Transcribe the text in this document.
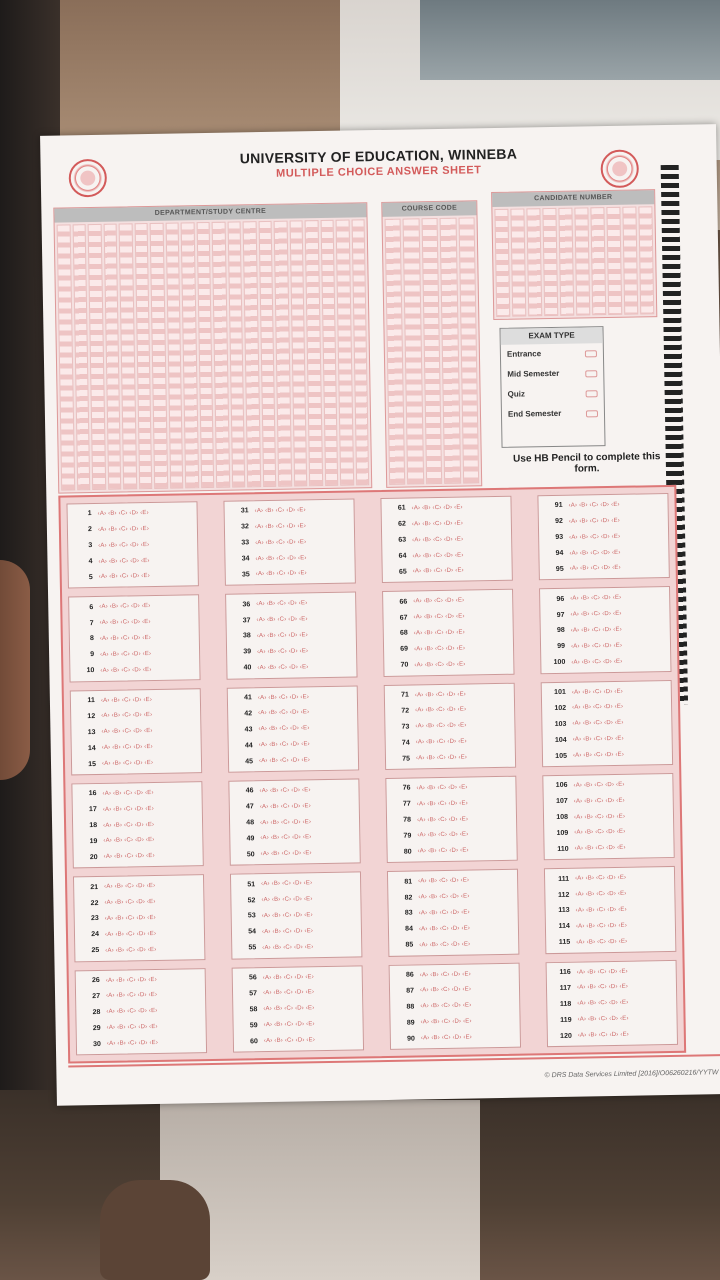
UNIVERSITY OF EDUCATION, WINNEBA
MULTIPLE CHOICE ANSWER SHEET
DEPARTMENT/STUDY CENTRE	COURSE CODE
CANDIDATE NUMBER
EXAM TYPE
Entrance
Mid Semester
Quiz
End Semester
Use HB Pencil to complete this form.
1 ‹A› ‹B› ‹C› ‹D› ‹E›
2 ‹A› ‹B› ‹C› ‹D› ‹E›
3 ‹A› ‹B› ‹C› ‹D› ‹E›
4 ‹A› ‹B› ‹C› ‹D› ‹E›
5 ‹A› ‹B› ‹C› ‹D› ‹E›
6 ‹A› ‹B› ‹C› ‹D› ‹E›
7 ‹A› ‹B› ‹C› ‹D› ‹E›
8 ‹A› ‹B› ‹C› ‹D› ‹E›
9 ‹A› ‹B› ‹C› ‹D› ‹E›
10 ‹A› ‹B› ‹C› ‹D› ‹E›
11 ‹A› ‹B› ‹C› ‹D› ‹E›
12 ‹A› ‹B› ‹C› ‹D› ‹E›
13 ‹A› ‹B› ‹C› ‹D› ‹E›
14 ‹A› ‹B› ‹C› ‹D› ‹E›
15 ‹A› ‹B› ‹C› ‹D› ‹E›
16 ‹A› ‹B› ‹C› ‹D› ‹E›
17 ‹A› ‹B› ‹C› ‹D› ‹E›
18 ‹A› ‹B› ‹C› ‹D› ‹E›
19 ‹A› ‹B› ‹C› ‹D› ‹E›
20 ‹A› ‹B› ‹C› ‹D› ‹E›
21 ‹A› ‹B› ‹C› ‹D› ‹E›
22 ‹A› ‹B› ‹C› ‹D› ‹E›
23 ‹A› ‹B› ‹C› ‹D› ‹E›
24 ‹A› ‹B› ‹C› ‹D› ‹E›
25 ‹A› ‹B› ‹C› ‹D› ‹E›
26 ‹A› ‹B› ‹C› ‹D› ‹E›
27 ‹A› ‹B› ‹C› ‹D› ‹E›
28 ‹A› ‹B› ‹C› ‹D› ‹E›
29 ‹A› ‹B› ‹C› ‹D› ‹E›
30 ‹A› ‹B› ‹C› ‹D› ‹E›
31 ‹A› ‹B› ‹C› ‹D› ‹E›
32 ‹A› ‹B› ‹C› ‹D› ‹E›
33 ‹A› ‹B› ‹C› ‹D› ‹E›
34 ‹A› ‹B› ‹C› ‹D› ‹E›
35 ‹A› ‹B› ‹C› ‹D› ‹E›
36 ‹A› ‹B› ‹C› ‹D› ‹E›
37 ‹A› ‹B› ‹C› ‹D› ‹E›
38 ‹A› ‹B› ‹C› ‹D› ‹E›
39 ‹A› ‹B› ‹C› ‹D› ‹E›
40 ‹A› ‹B› ‹C› ‹D› ‹E›
41 ‹A› ‹B› ‹C› ‹D› ‹E›
42 ‹A› ‹B› ‹C› ‹D› ‹E›
43 ‹A› ‹B› ‹C› ‹D› ‹E›
44 ‹A› ‹B› ‹C› ‹D› ‹E›
45 ‹A› ‹B› ‹C› ‹D› ‹E›
46 ‹A› ‹B› ‹C› ‹D› ‹E›
47 ‹A› ‹B› ‹C› ‹D› ‹E›
48 ‹A› ‹B› ‹C› ‹D› ‹E›
49 ‹A› ‹B› ‹C› ‹D› ‹E›
50 ‹A› ‹B› ‹C› ‹D› ‹E›
51 ‹A› ‹B› ‹C› ‹D› ‹E›
52 ‹A› ‹B› ‹C› ‹D› ‹E›
53 ‹A› ‹B› ‹C› ‹D› ‹E›
54 ‹A› ‹B› ‹C› ‹D› ‹E›
55 ‹A› ‹B› ‹C› ‹D› ‹E›
56 ‹A› ‹B› ‹C› ‹D› ‹E›
57 ‹A› ‹B› ‹C› ‹D› ‹E›
58 ‹A› ‹B› ‹C› ‹D› ‹E›
59 ‹A› ‹B› ‹C› ‹D› ‹E›
60 ‹A› ‹B› ‹C› ‹D› ‹E›
61 ‹A› ‹B› ‹C› ‹D› ‹E›
62 ‹A› ‹B› ‹C› ‹D› ‹E›
63 ‹A› ‹B› ‹C› ‹D› ‹E›
64 ‹A› ‹B› ‹C› ‹D› ‹E›
65 ‹A› ‹B› ‹C› ‹D› ‹E›
66 ‹A› ‹B› ‹C› ‹D› ‹E›
67 ‹A› ‹B› ‹C› ‹D› ‹E›
68 ‹A› ‹B› ‹C› ‹D› ‹E›
69 ‹A› ‹B› ‹C› ‹D› ‹E›
70 ‹A› ‹B› ‹C› ‹D› ‹E›
71 ‹A› ‹B› ‹C› ‹D› ‹E›
72 ‹A› ‹B› ‹C› ‹D› ‹E›
73 ‹A› ‹B› ‹C› ‹D› ‹E›
74 ‹A› ‹B› ‹C› ‹D› ‹E›
75 ‹A› ‹B› ‹C› ‹D› ‹E›
76 ‹A› ‹B› ‹C› ‹D› ‹E›
77 ‹A› ‹B› ‹C› ‹D› ‹E›
78 ‹A› ‹B› ‹C› ‹D› ‹E›
79 ‹A› ‹B› ‹C› ‹D› ‹E›
80 ‹A› ‹B› ‹C› ‹D› ‹E›
81 ‹A› ‹B› ‹C› ‹D› ‹E›
82 ‹A› ‹B› ‹C› ‹D› ‹E›
83 ‹A› ‹B› ‹C› ‹D› ‹E›
84 ‹A› ‹B› ‹C› ‹D› ‹E›
85 ‹A› ‹B› ‹C› ‹D› ‹E›
86 ‹A› ‹B› ‹C› ‹D› ‹E›
87 ‹A› ‹B› ‹C› ‹D› ‹E›
88 ‹A› ‹B› ‹C› ‹D› ‹E›
89 ‹A› ‹B› ‹C› ‹D› ‹E›
90 ‹A› ‹B› ‹C› ‹D› ‹E›
91 ‹A› ‹B› ‹C› ‹D› ‹E›
92 ‹A› ‹B› ‹C› ‹D› ‹E›
93 ‹A› ‹B› ‹C› ‹D› ‹E›
94 ‹A› ‹B› ‹C› ‹D› ‹E›
95 ‹A› ‹B› ‹C› ‹D› ‹E›
96 ‹A› ‹B› ‹C› ‹D› ‹E›
97 ‹A› ‹B› ‹C› ‹D› ‹E›
98 ‹A› ‹B› ‹C› ‹D› ‹E›
99 ‹A› ‹B› ‹C› ‹D› ‹E›
100 ‹A› ‹B› ‹C› ‹D› ‹E›
101 ‹A› ‹B› ‹C› ‹D› ‹E›
102 ‹A› ‹B› ‹C› ‹D› ‹E›
103 ‹A› ‹B› ‹C› ‹D› ‹E›
104 ‹A› ‹B› ‹C› ‹D› ‹E›
105 ‹A› ‹B› ‹C› ‹D› ‹E›
106 ‹A› ‹B› ‹C› ‹D› ‹E›
107 ‹A› ‹B› ‹C› ‹D› ‹E›
108 ‹A› ‹B› ‹C› ‹D› ‹E›
109 ‹A› ‹B› ‹C› ‹D› ‹E›
110 ‹A› ‹B› ‹C› ‹D› ‹E›
111 ‹A› ‹B› ‹C› ‹D› ‹E›
112 ‹A› ‹B› ‹C› ‹D› ‹E›
113 ‹A› ‹B› ‹C› ‹D› ‹E›
114 ‹A› ‹B› ‹C› ‹D› ‹E›
115 ‹A› ‹B› ‹C› ‹D› ‹E›
116 ‹A› ‹B› ‹C› ‹D› ‹E›
117 ‹A› ‹B› ‹C› ‹D› ‹E›
118 ‹A› ‹B› ‹C› ‹D› ‹E›
119 ‹A› ‹B› ‹C› ‹D› ‹E›
120 ‹A› ‹B› ‹C› ‹D› ‹E›
© DRS Data Services Limited [2016]/O06260216/YYTW
